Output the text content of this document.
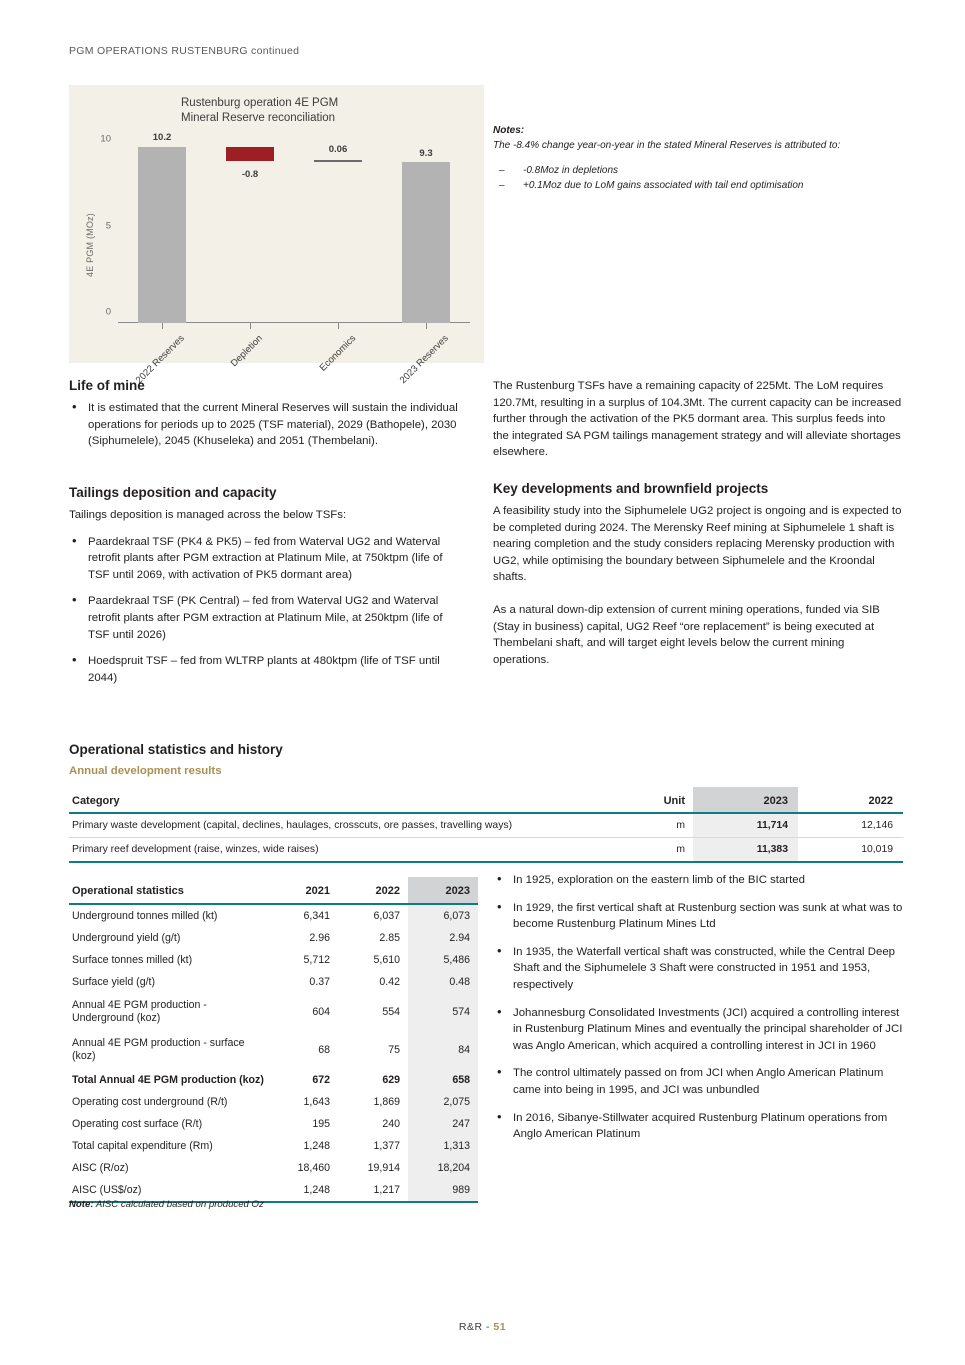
PGM OPERATIONS RUSTENBURG continued
Rustenburg operation 4E PGM
Mineral Reserve reconciliation
4E PGM (MOz)
0
5
10	10.2
-0.8
0.06	9.3
2022 Reserves	Depletion	Economics	2023 Reserves
Notes:
The -8.4% change year-on-year in the stated Mineral Reserves is attributed to:
– -0.8Moz in depletions
– +0.1Moz due to LoM gains associated with tail end optimisation
Life of mine
• It is estimated that the current Mineral Reserves will sustain the individual operations for periods up to 2025 (TSF material), 2029 (Bathopele), 2030 (Siphumelele), 2045 (Khuseleka) and 2051 (Thembelani).
Tailings deposition and capacity

Tailings deposition is managed across the below TSFs:

• Paardekraal TSF (PK4 & PK5) – fed from Waterval UG2 and Waterval retrofit plants after PGM extraction at Platinum Mile, at 750ktpm (life of TSF until 2069, with activation of PK5 dormant area)
• Paardekraal TSF (PK Central) – fed from Waterval UG2 and Waterval retrofit plants after PGM extraction at Platinum Mile, at 250ktpm (life of TSF until 2026)
• Hoedspruit TSF – fed from WLTRP plants at 480ktpm (life of TSF until 2044)

The Rustenburg TSFs have a remaining capacity of 225Mt. The LoM requires 120.7Mt, resulting in a surplus of 104.3Mt. The current capacity can be increased further through the activation of the PK5 dormant area. This surplus feeds into the integrated SA PGM tailings management strategy and will alleviate shortages elsewhere.

Key developments and brownfield projects

A feasibility study into the Siphumelele UG2 project is ongoing and is expected to be completed during 2024. The Merensky Reef mining at Siphumelele 1 shaft is nearing completion and the study considers replacing Merensky production with UG2, while optimising the boundary between Siphumelele and the Kroondal shafts.

As a natural down-dip extension of current mining operations, funded via SIB (Stay in business) capital, UG2 Reef “ore replacement” is being executed at Thembelani shaft, and will target eight levels below the current mining operations.

Operational statistics and history
Annual development results
Category	Unit	2023	2022
Primary waste development (capital, declines, haulages, crosscuts, ore passes, travelling ways)	m	11,714	12,146
Primary reef development (raise, winzes, wide raises)	m	11,383	10,019
Operational statistics	2021	2022	2023
Underground tonnes milled (kt)	6,341	6,037	6,073
Underground yield (g/t)	2.96	2.85	2.94
Surface tonnes milled (kt)	5,712	5,610	5,486
Surface yield (g/t)	0.37	0.42	0.48
Annual 4E PGM production - Underground (koz)	604	554	574
Annual 4E PGM production - surface (koz)	68	75	84
Total Annual 4E PGM production (koz)	672	629	658
Operating cost underground (R/t)	1,643	1,869	2,075
Operating cost surface (R/t)	195	240	247
Total capital expenditure (Rm)	1,248	1,377	1,313
AISC (R/oz)	18,460	19,914	18,204
AISC (US$/oz)	1,248	1,217	989
Note: AISC calculated based on produced Oz
• In 1925, exploration on the eastern limb of the BIC started
• In 1929, the first vertical shaft at Rustenburg section was sunk at what was to become Rustenburg Platinum Mines Ltd
• In 1935, the Waterfall vertical shaft was constructed, while the Central Deep Shaft and the Siphumelele 3 Shaft were constructed in 1951 and 1953, respectively
• Johannesburg Consolidated Investments (JCI) acquired a controlling interest in Rustenburg Platinum Mines and eventually the principal shareholder of JCI was Anglo American, which acquired a controlling interest in JCI in 1960
• The control ultimately passed on from JCI when Anglo American Platinum came into being in 1995, and JCI was unbundled
• In 2016, Sibanye-Stillwater acquired Rustenburg Platinum operations from Anglo American Platinum
R&R - 51
